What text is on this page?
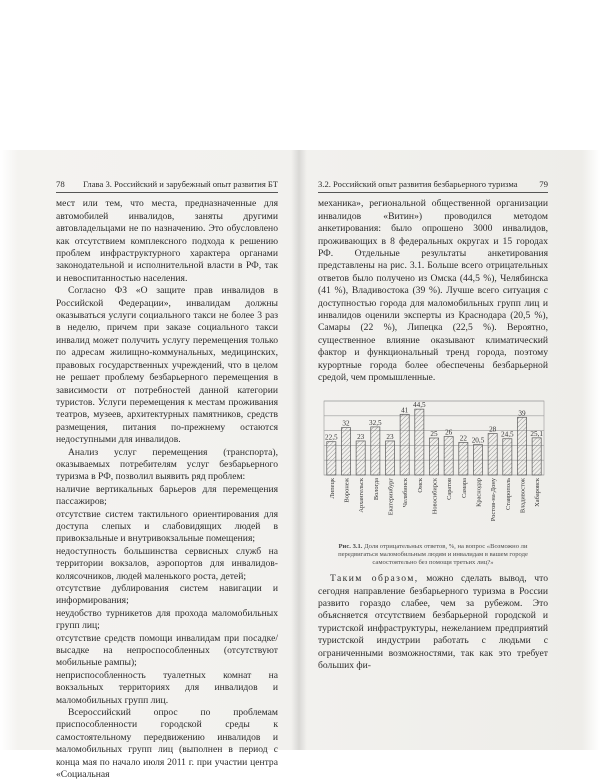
78 Глава 3. Российский и зарубежный опыт развития БТ

мест или тем, что места, предназначенные для автомобилей инвалидов, заняты другими автовладельцами не по назначению. Это обусловлено как отсутствием комплексного подхода к решению проблем инфраструктурного характера органами законодательной и исполнительной власти в РФ, так и невоспитанностью населения.

Согласно ФЗ «О защите прав инвалидов в Российской Федерации», инвалидам должны оказываться услуги социального такси не более 3 раз в неделю, причем при заказе социального такси инвалид может получить услугу перемещения только по адресам жилищно-коммунальных, медицинских, правовых государственных учреждений, что в целом не решает проблему безбарьерного перемещения в зависимости от потребностей данной категории туристов. Услуги перемещения к местам проживания театров, музеев, архитектурных памятников, средств размещения, питания по-прежнему остаются недоступными для инвалидов.

Анализ услуг перемещения (транспорта), оказываемых потребителям услуг безбарьерного туризма в РФ, позволил выявить ряд проблем:

наличие вертикальных барьеров для перемещения пассажиров;

отсутствие систем тактильного ориентирования для доступа слепых и слабовидящих людей в привокзальные и внутривокзальные помещения;

недоступность большинства сервисных служб на территории вокзалов, аэропортов для инвалидов-колясочников, людей маленького роста, детей;

отсутствие дублирования систем навигации и информирования;

неудобство турникетов для прохода маломобильных групп лиц;

отсутствие средств помощи инвалидам при посадке/высадке на непроспособленных (отсутствуют мобильные рампы);

неприспособленность туалетных комнат на вокзальных территориях для инвалидов и маломобильных групп лиц.

Всероссийский опрос по проблемам приспособленности городской среды к самостоятельному передвижению инвалидов и маломобильных групп лиц (выполнен в период с конца мая по начало июля 2011 г. при участии центра «Социальная

3.2. Российский опыт развития безбарьерного туризма 79

механика», региональной общественной организации инвалидов «Витин») проводился методом анкетирования: было опрошено 3000 инвалидов, проживающих в 8 федеральных округах и 15 городах РФ. Отдельные результаты анкетирования представлены на рис. 3.1. Больше всего отрицательных ответов было получено из Омска (44,5 %), Челябинска (41 %), Владивостока (39 %). Лучше всего ситуация с доступностью города для маломобильных групп лиц и инвалидов оценили эксперты из Краснодара (20,5 %), Самары (22 %), Липецка (22,5 %). Вероятно, существенное влияние оказывают климатический фактор и функциональный тренд города, поэтому курортные города более обеспечены безбарьерной средой, чем промышленные.

22,5
Липецк
32
Воронеж
23
Архангельск
32,5
Вологда
23
Екатеринбург
41
Челябинск
44,5
Омск
25
Новосибирск
26
Саратов
22
Самара
20,5
Краснодар
28
Ростов-на-Дону
24,5
Ставрополь
39
Владивосток
25,1
Хабаровск
Рис. 3.1. Доля отрицательных ответов, %, на вопрос «Возможно ли передвигаться маломобильным людям и инвалидам в вашем городе самостоятельно без помощи третьих лиц?»

Таким образом, можно сделать вывод, что сегодня направление безбарьерного туризма в России развито гораздо слабее, чем за рубежом. Это объясняется отсутствием безбарьерной городской и туристской инфраструктуры, нежеланием предприятий туристской индустрии работать с людьми с ограниченными возможностями, так как это требует больших фи-
